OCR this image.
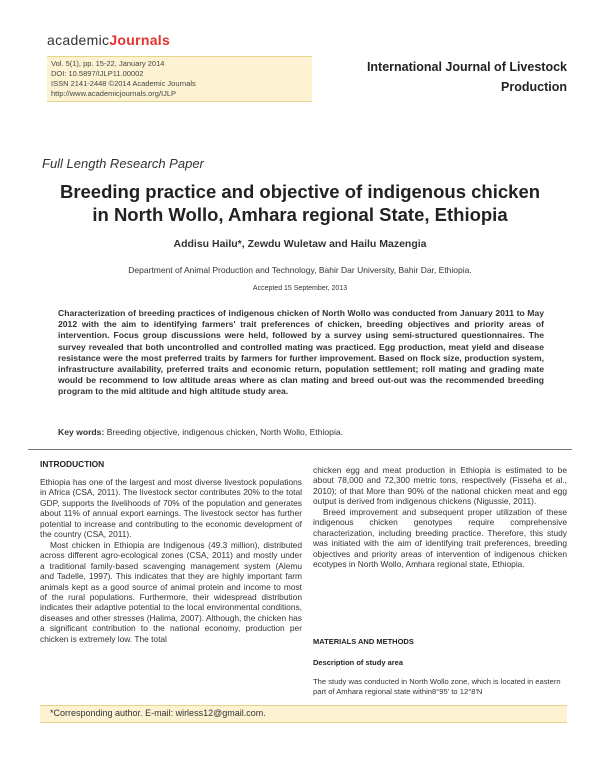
academicJournals
Vol. 5(1), pp. 15-22, January 2014
DOI: 10.5897/IJLP11.00002
ISSN 2141-2448 ©2014 Academic Journals
http://www.academicjournals.org/IJLP
International Journal of Livestock
Production
Full Length Research Paper
Breeding practice and objective of indigenous chicken
in North Wollo, Amhara regional State, Ethiopia
Addisu Hailu*, Zewdu Wuletaw and Hailu Mazengia
Department of Animal Production and Technology, Bahir Dar University, Bahir Dar, Ethiopia.
Accepted 15 September, 2013
Characterization of breeding practices of indigenous chicken of North Wollo was conducted from January 2011 to May 2012 with the aim to identifying farmers' trait preferences of chicken, breeding objectives and priority areas of intervention. Focus group discussions were held, followed by a survey using semi-structured questionnaires. The survey revealed that both uncontrolled and controlled mating was practiced. Egg production, meat yield and disease resistance were the most preferred traits by farmers for further improvement. Based on flock size, production system, infrastructure availability, preferred traits and economic return, population settlement; roll mating and grading mate would be recommend to low altitude areas where as clan mating and breed out-out was the recommended breeding program to the mid altitude and high altitude study area.
Key words: Breeding objective, indigenous chicken, North Wollo, Ethiopia.
INTRODUCTION

Ethiopia has one of the largest and most diverse livestock populations in Africa (CSA, 2011). The livestock sector contributes 20% to the total GDP, supports the livelihoods of 70% of the population and generates about 11% of annual export earnings. The livestock sector has further potential to increase and contributing to the economic development of the country (CSA, 2011).

Most chicken in Ethiopia are Indigenous (49.3 million), distributed across different agro-ecological zones (CSA, 2011) and mostly under a traditional family-based scavenging management system (Alemu and Tadelle, 1997). This indicates that they are highly important farm animals kept as a good source of animal protein and income to most of the rural populations. Furthermore, their widespread distribution indicates their adaptive potential to the local environmental conditions, diseases and other stresses (Halima, 2007). Although, the chicken has a significant contribution to the national economy, production per chicken is extremely low. The total

chicken egg and meat production in Ethiopia is estimated to be about 78,000 and 72,300 metric tons, respectively (Fisseha et al., 2010); of that More than 90% of the national chicken meat and egg output is derived from indigenous chickens (Nigussie, 2011).

Breed improvement and subsequent proper utilization of these indigenous chicken genotypes require comprehensive characterization, including breeding practice. Therefore, this study was initiated with the aim of identifying trait preferences, breeding objectives and priority areas of intervention of indigenous chicken ecotypes in North Wollo, Amhara regional state, Ethiopia.

MATERIALS AND METHODS
Description of study area
The study was conducted in North Wollo zone, which is located in eastern part of Amhara regional state within8°95' to 12°8'N
*Corresponding author. E-mail: wirless12@gmail.com.
